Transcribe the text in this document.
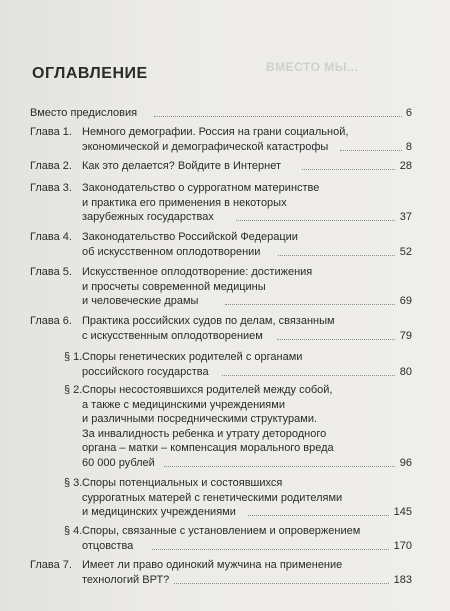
ВМЕСТО МЫ...
ОГЛАВЛЕНИЕ
Вместо предисловия	6
Глава 1. Немного демографии. Россия на грани социальной,
экономической и демографической катастрофы	8
Глава 2. Как это делается? Войдите в Интернет	28
Глава 3. Законодательство о суррогатном материнстве
и практика его применения в некоторых
зарубежных государствах	37
Глава 4. Законодательство Российской Федерации
об искусственном оплодотворении	52
Глава 5. Искусственное оплодотворение: достижения
и просчеты современной медицины
и человеческие драмы	69
Глава 6. Практика российских судов по делам, связанным
с искусственным оплодотворением	79
§ 1. Споры генетических родителей с органами
российского государства	80
§ 2. Споры несостоявшихся родителей между собой,
а также с медицинскими учреждениями
и различными посредническими структурами.
За инвалидность ребенка и утрату детородного
органа – матки – компенсация морального вреда
60 000 рублей	96
§ 3. Споры потенциальных и состоявшихся
суррогатных матерей с генетическими родителями
и медицинских учреждениями	145
§ 4. Споры, связанные с установлением и опровержением
отцовства	170
Глава 7. Имеет ли право одинокий мужчина на применение
технологий ВРТ?	183
